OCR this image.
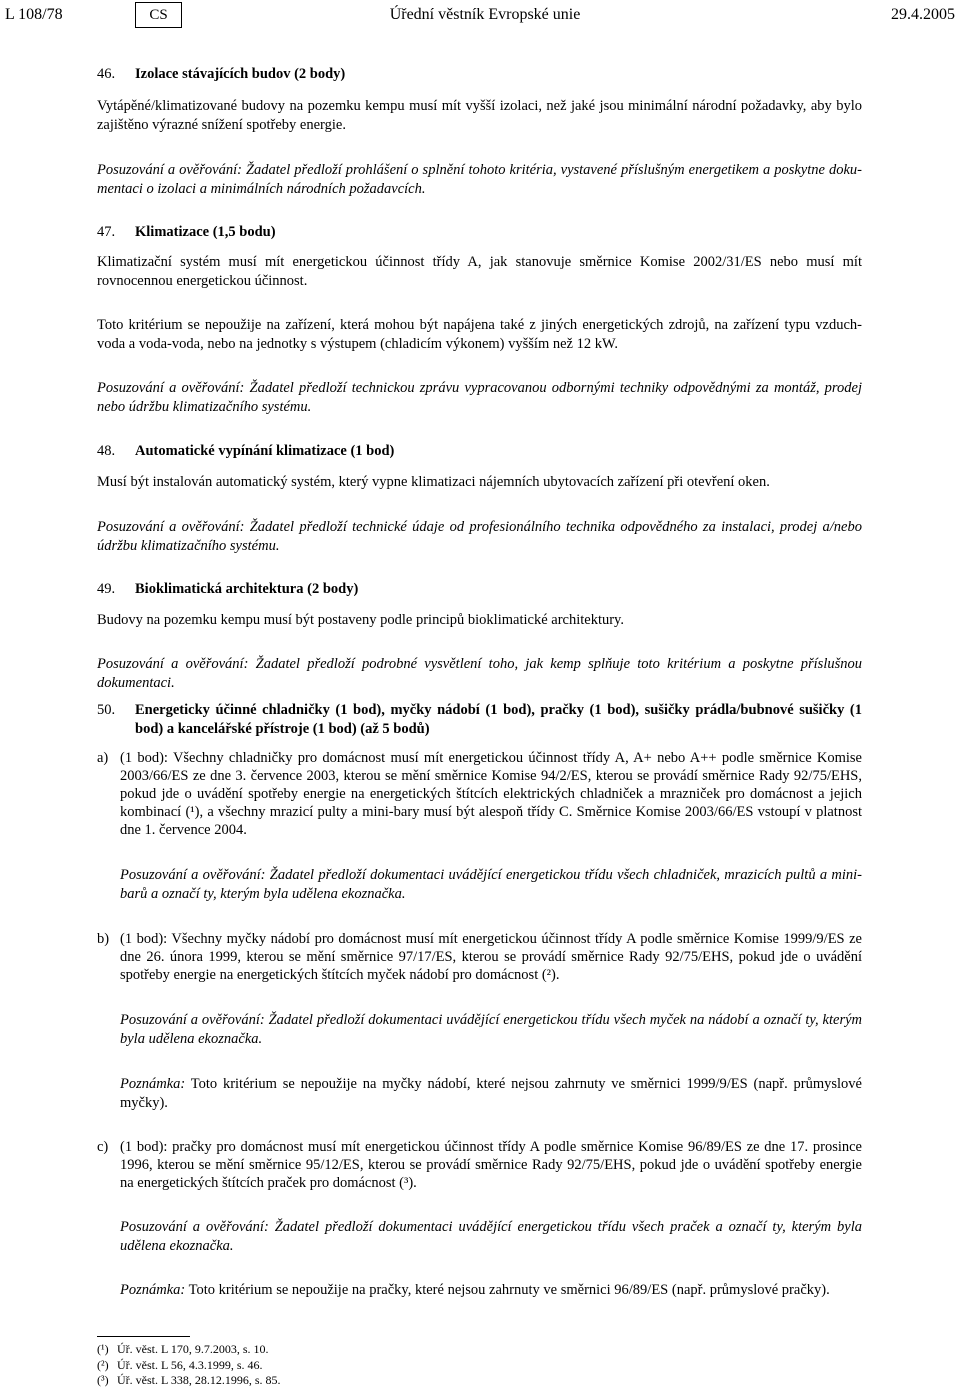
L 108/78	CS	Úřední věstník Evropské unie	29.4.2005
46.	Izolace stávajících budov (2 body)
Vytápěné/klimatizované budovy na pozemku kempu musí mít vyšší izolaci, než jaké jsou minimální národní požadavky, aby bylo zajištěno výrazné snížení spotřeby energie.
Posuzování a ověřování: Žadatel předloží prohlášení o splnění tohoto kritéria, vystavené příslušným energetikem a poskytne dokumentaci o izolaci a minimálních národních požadavcích.
47.	Klimatizace (1,5 bodu)
Klimatizační systém musí mít energetickou účinnost třídy A, jak stanovuje směrnice Komise 2002/31/ES nebo musí mít rovnocennou energetickou účinnost.
Toto kritérium se nepoužije na zařízení, která mohou být napájena také z jiných energetických zdrojů, na zařízení typu vzduch-voda a voda-voda, nebo na jednotky s výstupem (chladicím výkonem) vyšším než 12 kW.
Posuzování a ověřování: Žadatel předloží technickou zprávu vypracovanou odbornými techniky odpovědnými za montáž, prodej nebo údržbu klimatizačního systému.
48.	Automatické vypínání klimatizace (1 bod)
Musí být instalován automatický systém, který vypne klimatizaci nájemních ubytovacích zařízení při otevření oken.
Posuzování a ověřování: Žadatel předloží technické údaje od profesionálního technika odpovědného za instalaci, prodej a/nebo údržbu klimatizačního systému.
49.	Bioklimatická architektura (2 body)
Budovy na pozemku kempu musí být postaveny podle principů bioklimatické architektury.
Posuzování a ověřování: Žadatel předloží podrobné vysvětlení toho, jak kemp splňuje toto kritérium a poskytne příslušnou dokumentaci.
50.	Energeticky účinné chladničky (1 bod), myčky nádobí (1 bod), pračky (1 bod), sušičky prádla/bubnové sušičky (1 bod) a kancelářské přístroje (1 bod) (až 5 bodů)
a) (1 bod): Všechny chladničky pro domácnost musí mít energetickou účinnost třídy A, A+ nebo A++ podle směrnice Komise 2003/66/ES ze dne 3. července 2003, kterou se mění směrnice Komise 94/2/ES, kterou se provádí směrnice Rady 92/75/EHS, pokud jde o uvádění spotřeby energie na energetických štítcích elektrických chladniček a mrazniček pro domácnost a jejich kombinací (¹), a všechny mrazicí pulty a mini-bary musí být alespoň třídy C. Směrnice Komise 2003/66/ES vstoupí v platnost dne 1. července 2004.
Posuzování a ověřování: Žadatel předloží dokumentaci uvádějící energetickou třídu všech chladniček, mrazicích pultů a mini-barů a označí ty, kterým byla udělena ekoznačka.
b) (1 bod): Všechny myčky nádobí pro domácnost musí mít energetickou účinnost třídy A podle směrnice Komise 1999/9/ES ze dne 26. února 1999, kterou se mění směrnice 97/17/ES, kterou se provádí směrnice Rady 92/75/EHS, pokud jde o uvádění spotřeby energie na energetických štítcích myček nádobí pro domácnost (²).
Posuzování a ověřování: Žadatel předloží dokumentaci uvádějící energetickou třídu všech myček na nádobí a označí ty, kterým byla udělena ekoznačka.
Poznámka: Toto kritérium se nepoužije na myčky nádobí, které nejsou zahrnuty ve směrnici 1999/9/ES (např. průmyslové myčky).
c) (1 bod): pračky pro domácnost musí mít energetickou účinnost třídy A podle směrnice Komise 96/89/ES ze dne 17. prosince 1996, kterou se mění směrnice 95/12/ES, kterou se provádí směrnice Rady 92/75/EHS, pokud jde o uvádění spotřeby energie na energetických štítcích praček pro domácnost (³).
Posuzování a ověřování: Žadatel předloží dokumentaci uvádějící energetickou třídu všech praček a označí ty, kterým byla udělena ekoznačka.
Poznámka: Toto kritérium se nepoužije na pračky, které nejsou zahrnuty ve směrnici 96/89/ES (např. průmyslové pračky).
(¹) Úř. věst. L 170, 9.7.2003, s. 10.
(²) Úř. věst. L 56, 4.3.1999, s. 46.
(³) Úř. věst. L 338, 28.12.1996, s. 85.
